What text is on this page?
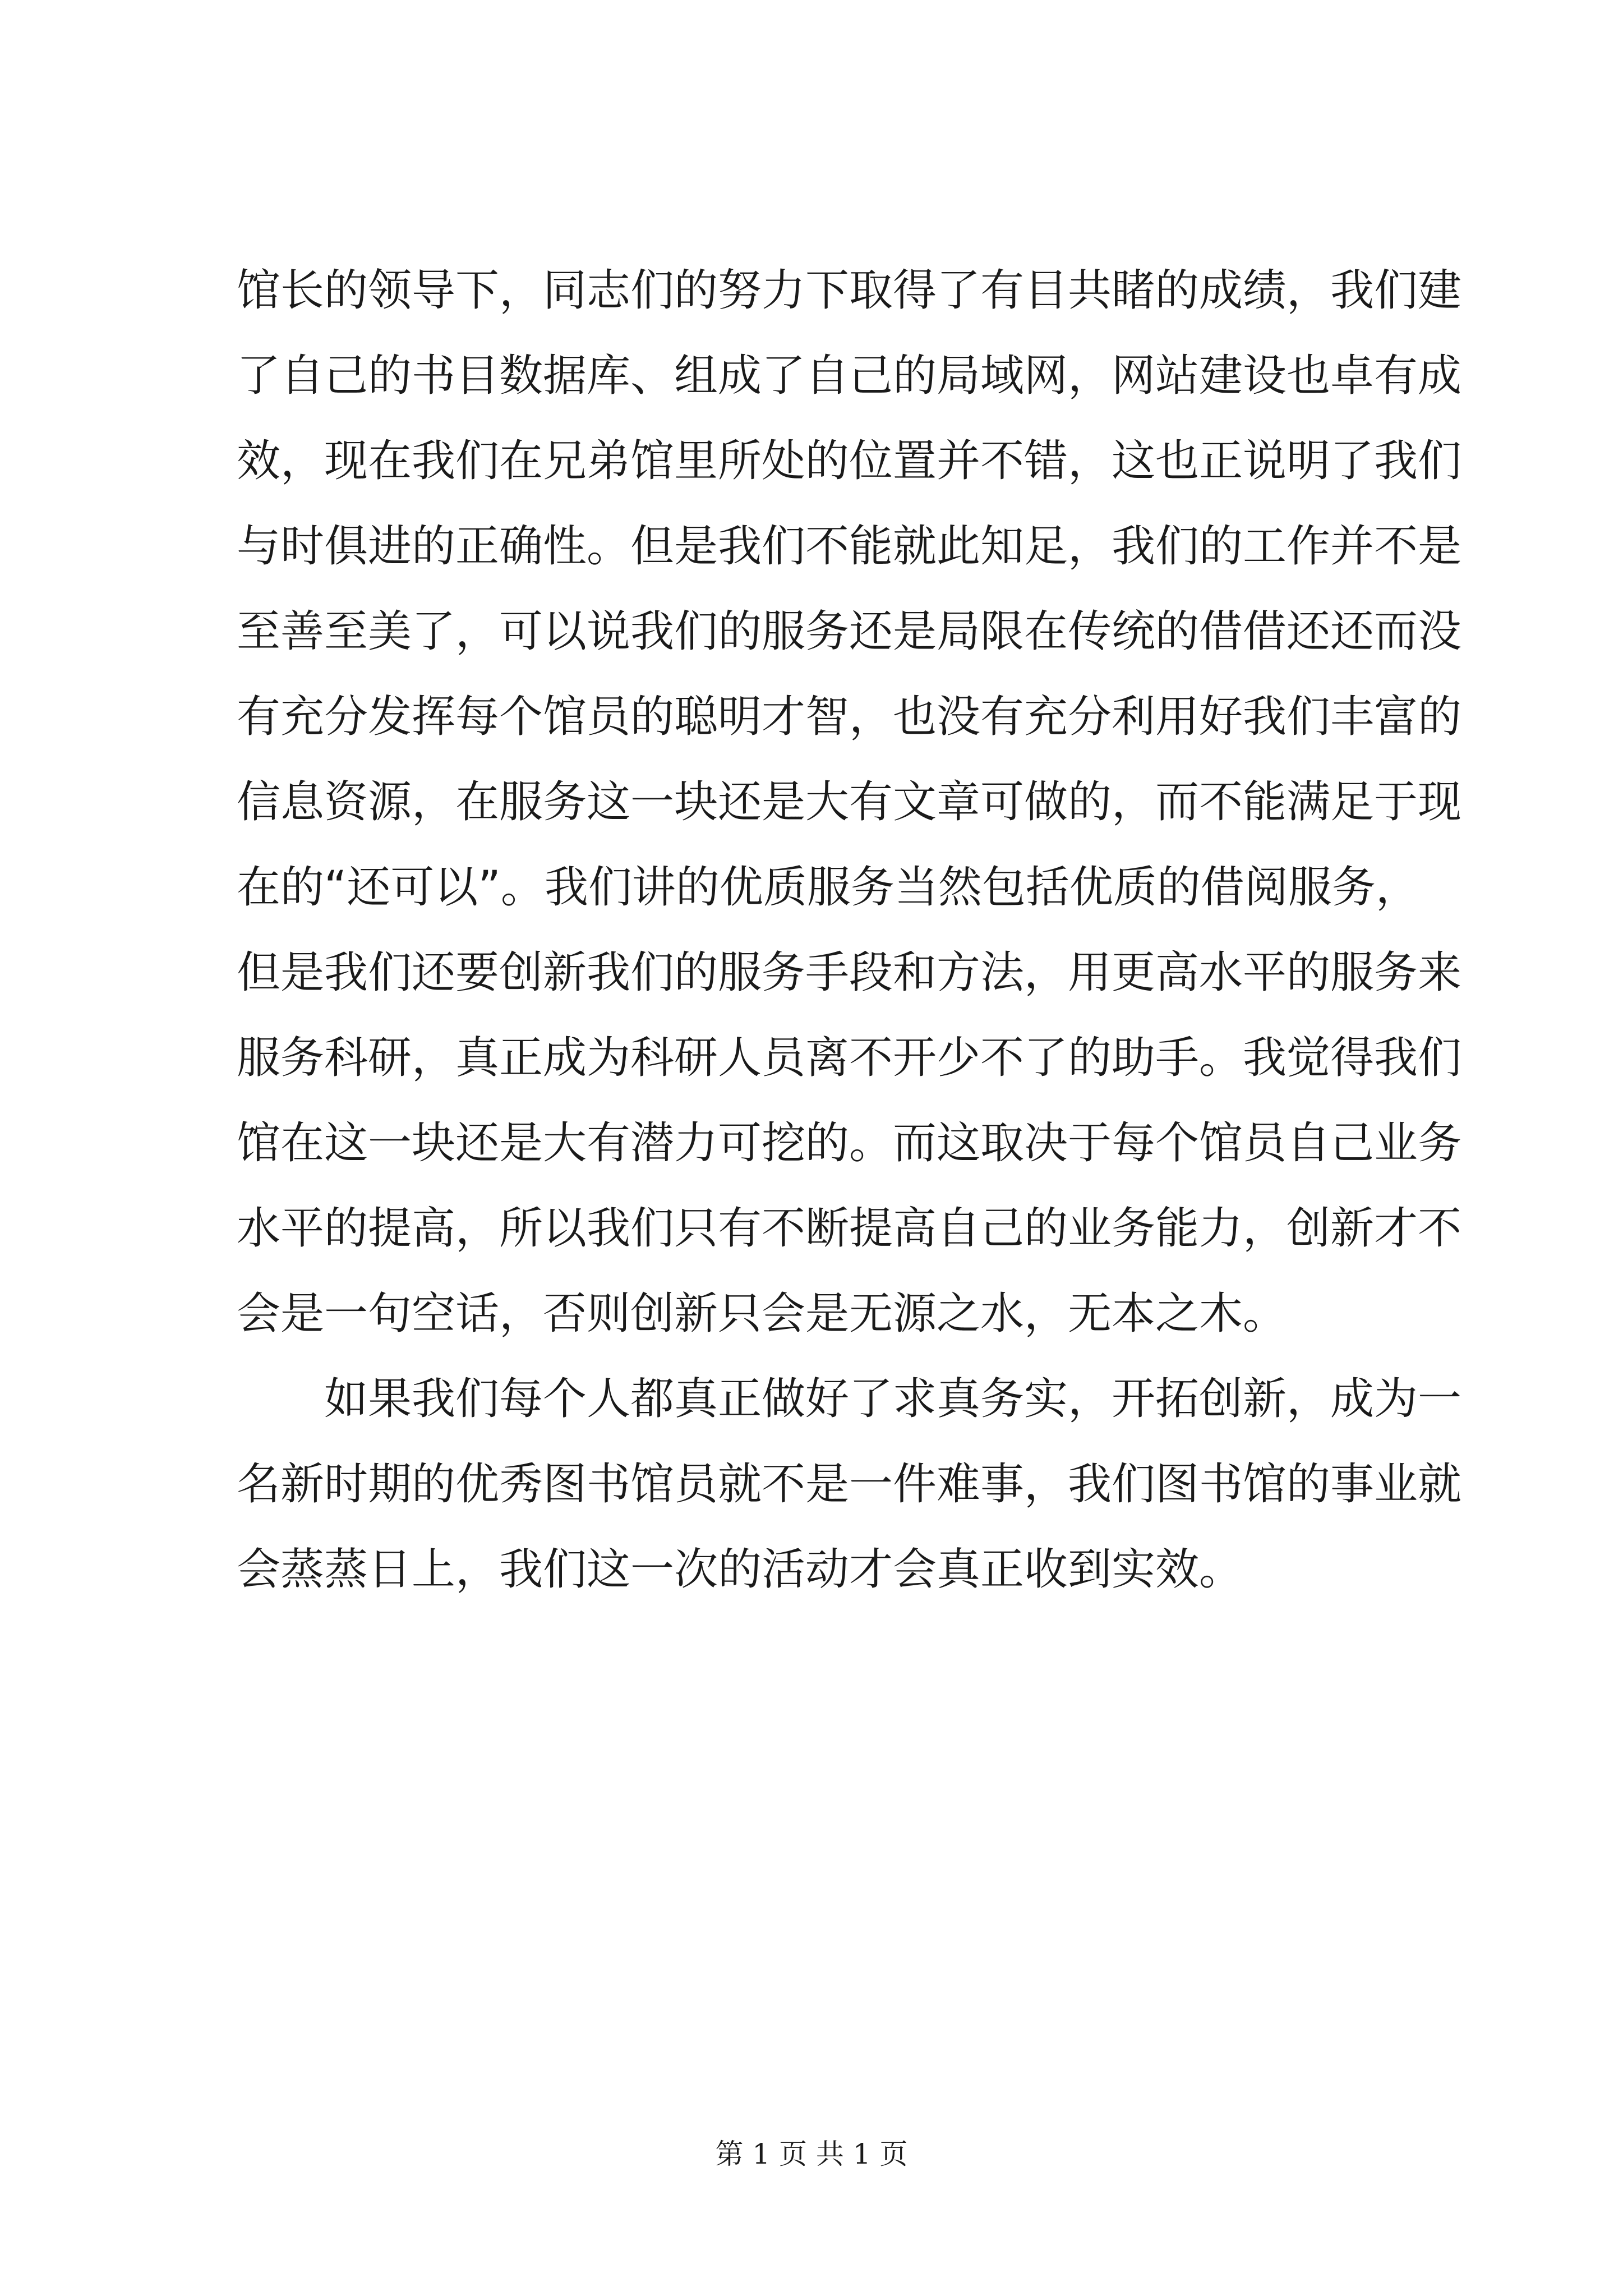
馆长的领导下，同志们的努力下取得了有目共睹的成绩，我们建
了自己的书目数据库、组成了自己的局域网，网站建设也卓有成
效，现在我们在兄弟馆里所处的位置并不错，这也正说明了我们
与时俱进的正确性。但是我们不能就此知足，我们的工作并不是
至善至美了，可以说我们的服务还是局限在传统的借借还还而没
有充分发挥每个馆员的聪明才智，也没有充分利用好我们丰富的
信息资源，在服务这一块还是大有文章可做的，而不能满足于现
在的“还可以”。我们讲的优质服务当然包括优质的借阅服务，
但是我们还要创新我们的服务手段和方法，用更高水平的服务来
服务科研，真正成为科研人员离不开少不了的助手。我觉得我们
馆在这一块还是大有潜力可挖的。而这取决于每个馆员自己业务
水平的提高，所以我们只有不断提高自己的业务能力，创新才不
会是一句空话，否则创新只会是无源之水，无本之木。
如果我们每个人都真正做好了求真务实，开拓创新，成为一
名新时期的优秀图书馆员就不是一件难事，我们图书馆的事业就
会蒸蒸日上，我们这一次的活动才会真正收到实效。
第 1 页 共 1 页
